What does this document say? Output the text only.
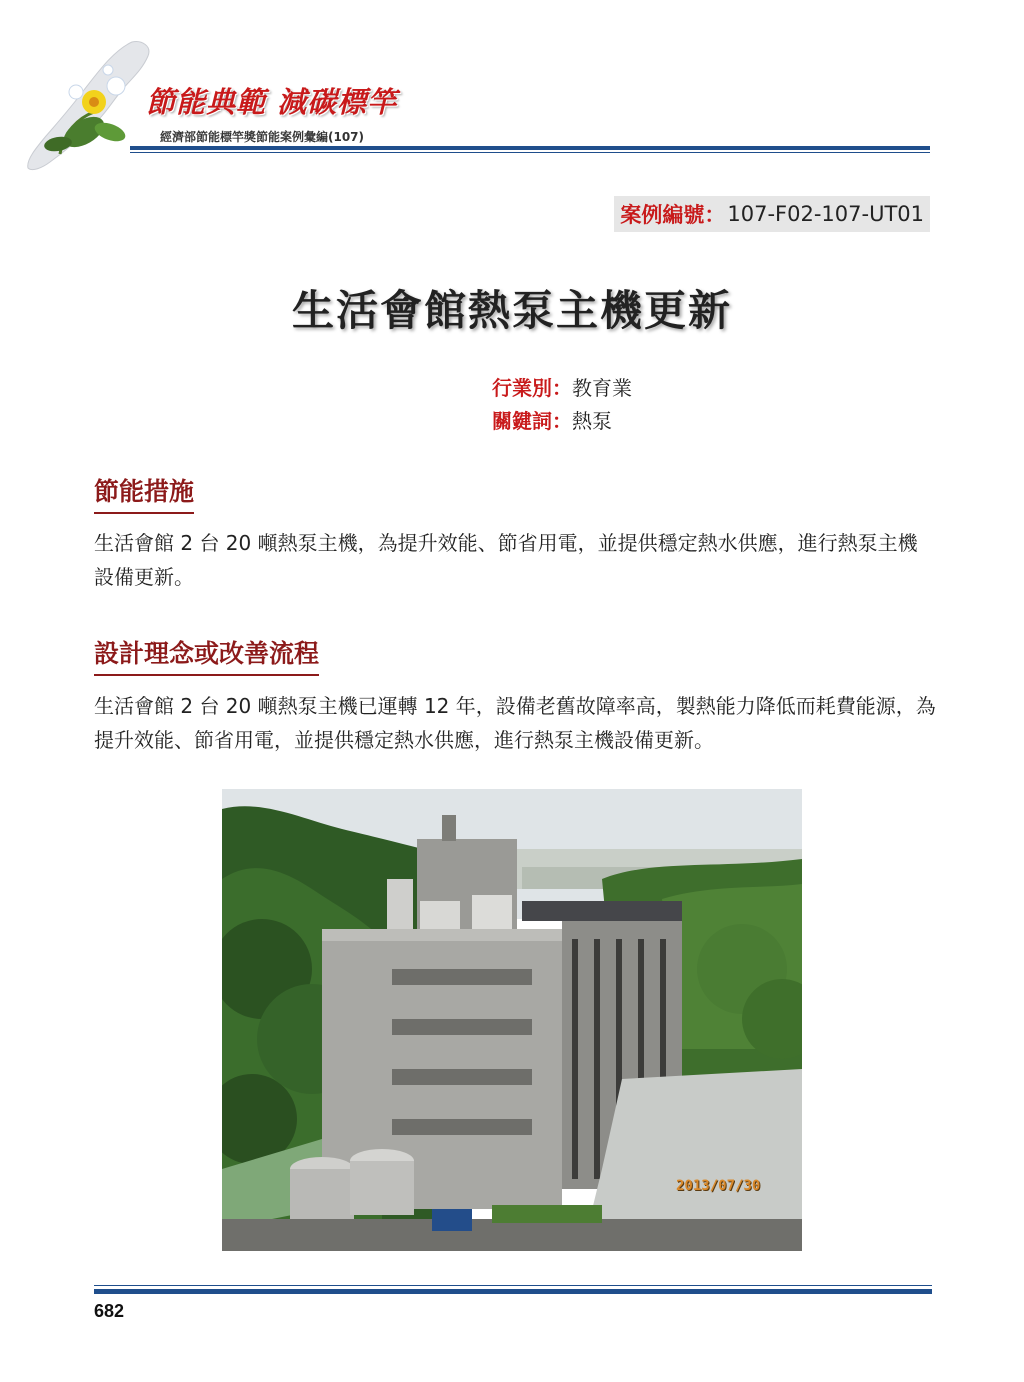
節能典範 減碳標竿
經濟部節能標竿獎節能案例彙編(107)
案例編號： 107-F02-107-UT01
生活會館熱泵主機更新
行業別：教育業
關鍵詞：熱泵
節能措施
生活會館 2 台 20 噸熱泵主機，為提升效能、節省用電，並提供穩定熱水供應，進行熱泵主機設備更新。
設計理念或改善流程
生活會館 2 台 20 噸熱泵主機已運轉 12 年，設備老舊故障率高，製熱能力降低而耗費能源，為提升效能、節省用電，並提供穩定熱水供應，進行熱泵主機設備更新。
2013/07/30
682
